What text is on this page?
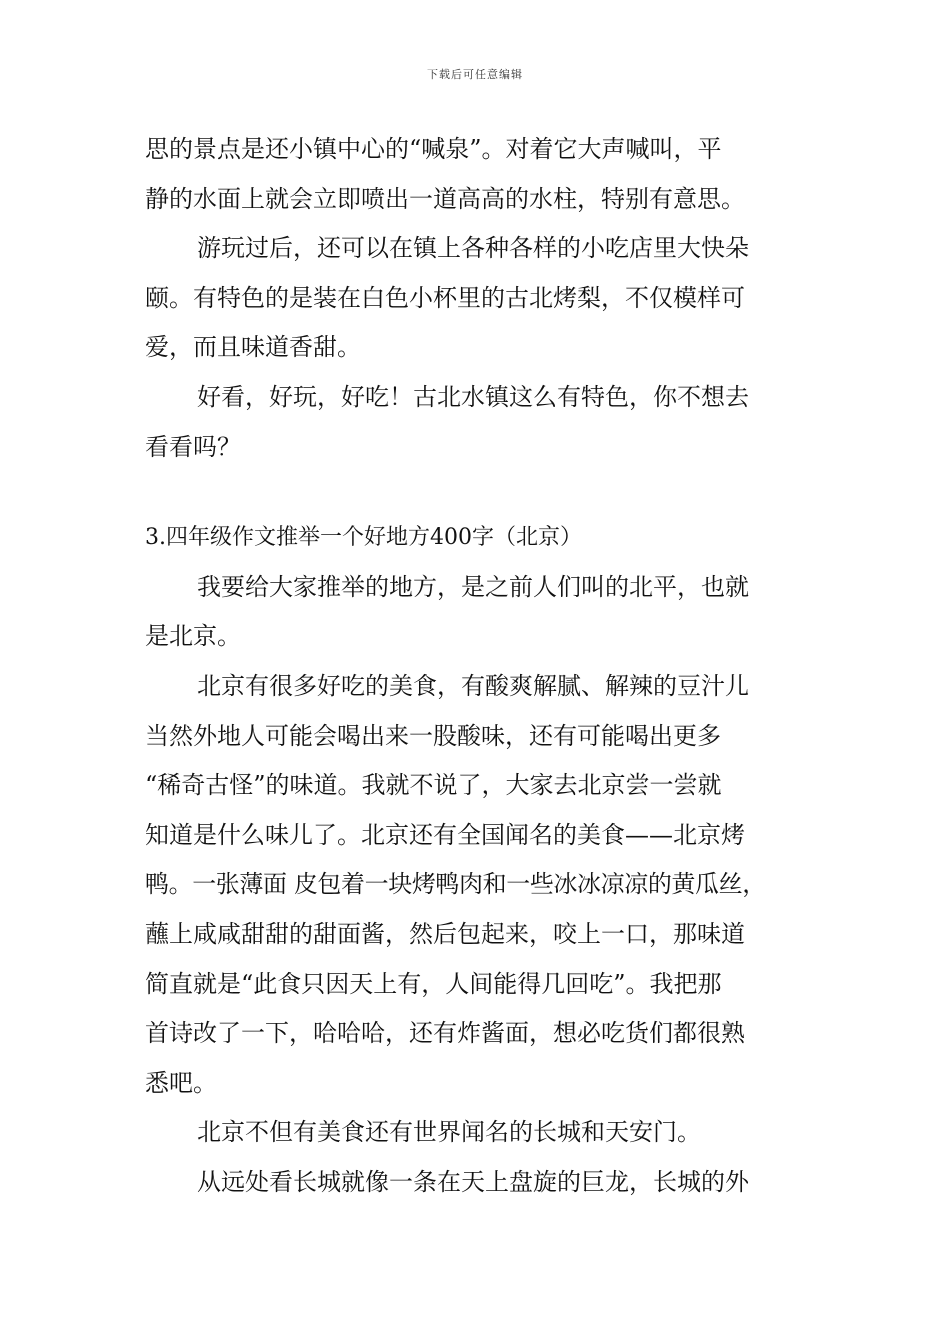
下载后可任意编辑
思的景点是还小镇中心的“喊泉”。对着它大声喊叫，平
静的水面上就会立即喷出一道高高的水柱，特别有意思。
游玩过后，还可以在镇上各种各样的小吃店里大快朵
颐。有特色的是装在白色小杯里的古北烤梨，不仅模样可
爱，而且味道香甜。
好看，好玩，好吃！古北水镇这么有特色，你不想去
看看吗？
3.四年级作文推举一个好地方400字（北京）
我要给大家推举的地方，是之前人们叫的北平，也就
是北京。
北京有很多好吃的美食，有酸爽解腻、解辣的豆汁儿
当然外地人可能会喝出来一股酸味，还有可能喝出更多
“稀奇古怪”的味道。我就不说了，大家去北京尝一尝就
知道是什么味儿了。北京还有全国闻名的美食——北京烤
鸭。一张薄面 皮包着一块烤鸭肉和一些冰冰凉凉的黄瓜丝，
蘸上咸咸甜甜的甜面酱，然后包起来，咬上一口，那味道
简直就是“此食只因天上有，人间能得几回吃”。我把那
首诗改了一下，哈哈哈，还有炸酱面，想必吃货们都很熟
悉吧。
北京不但有美食还有世界闻名的长城和天安门。
从远处看长城就像一条在天上盘旋的巨龙，长城的外
